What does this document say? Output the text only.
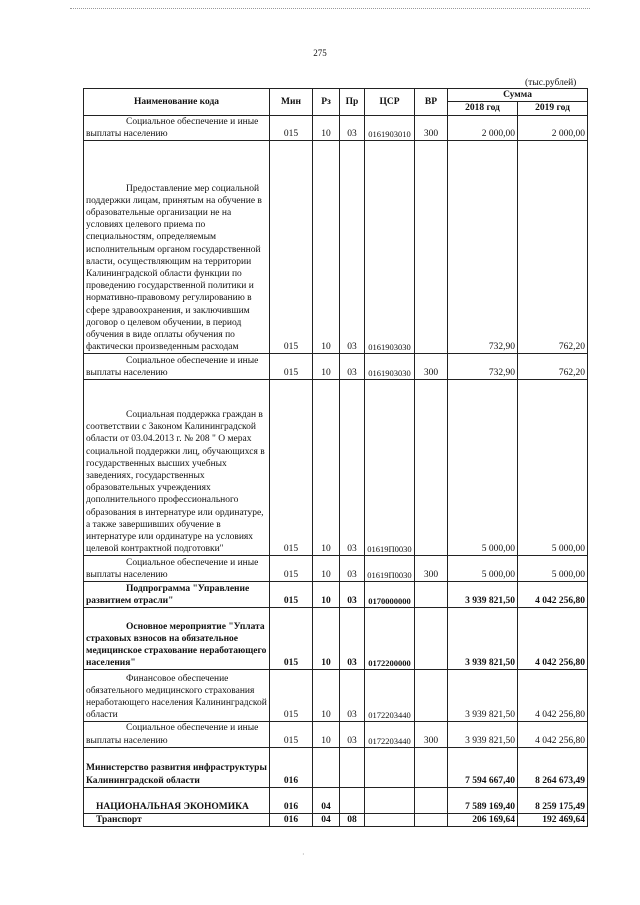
275
(тыс.рублей)
Наименование кода	Мин	Рз	Пр	ЦСР	ВР	Сумма	
						2018 год	2019 год
Социальное обеспечение и иные выплаты населению	015	10	03	0161903010	300	2 000,00	2 000,00
Предоставление мер социальной поддержки лицам, принятым на обучение в образовательные организации не на условиях целевого приема по специальностям, определяемым исполнительным органом государственной власти, осуществляющим на территории Калининградской области функции по проведению государственной политики и нормативно-правовому регулированию в сфере здравоохранения, и заключившим договор о целевом обучении, в период обучения в виде оплаты обучения по фактически произведенным расходам	015	10	03	0161903030		732,90	762,20
Социальное обеспечение и иные выплаты населению	015	10	03	0161903030	300	732,90	762,20
Социальная поддержка граждан в соответствии с Законом Калининградской области от 03.04.2013 г. № 208 " О мерах социальной поддержки лиц, обучающихся в государственных высших учебных заведениях, государственных образовательных учреждениях дополнительного профессионального образования в интернатуре или ординатуре, а также завершивших обучение в интернатуре или ординатуре на условиях целевой контрактной подготовки"	015	10	03	01619П0030		5 000,00	5 000,00
Социальное обеспечение и иные выплаты населению	015	10	03	01619П0030	300	5 000,00	5 000,00
Подпрограмма "Управление развитием отрасли"	015	10	03	0170000000		3 939 821,50	4 042 256,80
Основное мероприятие "Уплата страховых взносов на обязательное медицинское страхование неработающего населения"	015	10	03	0172200000		3 939 821,50	4 042 256,80
Финансовое обеспечение обязательного медицинского страхования неработающего населения Калининградской области	015	10	03	0172203440		3 939 821,50	4 042 256,80
Социальное обеспечение и иные выплаты населению	015	10	03	0172203440	300	3 939 821,50	4 042 256,80
Министерство развития инфраструктуры Калининградской области	016					7 594 667,40	8 264 673,49
НАЦИОНАЛЬНАЯ ЭКОНОМИКА	016	04				7 589 169,40	8 259 175,49
Транспорт	016	04	08			206 169,64	192 469,64
·
